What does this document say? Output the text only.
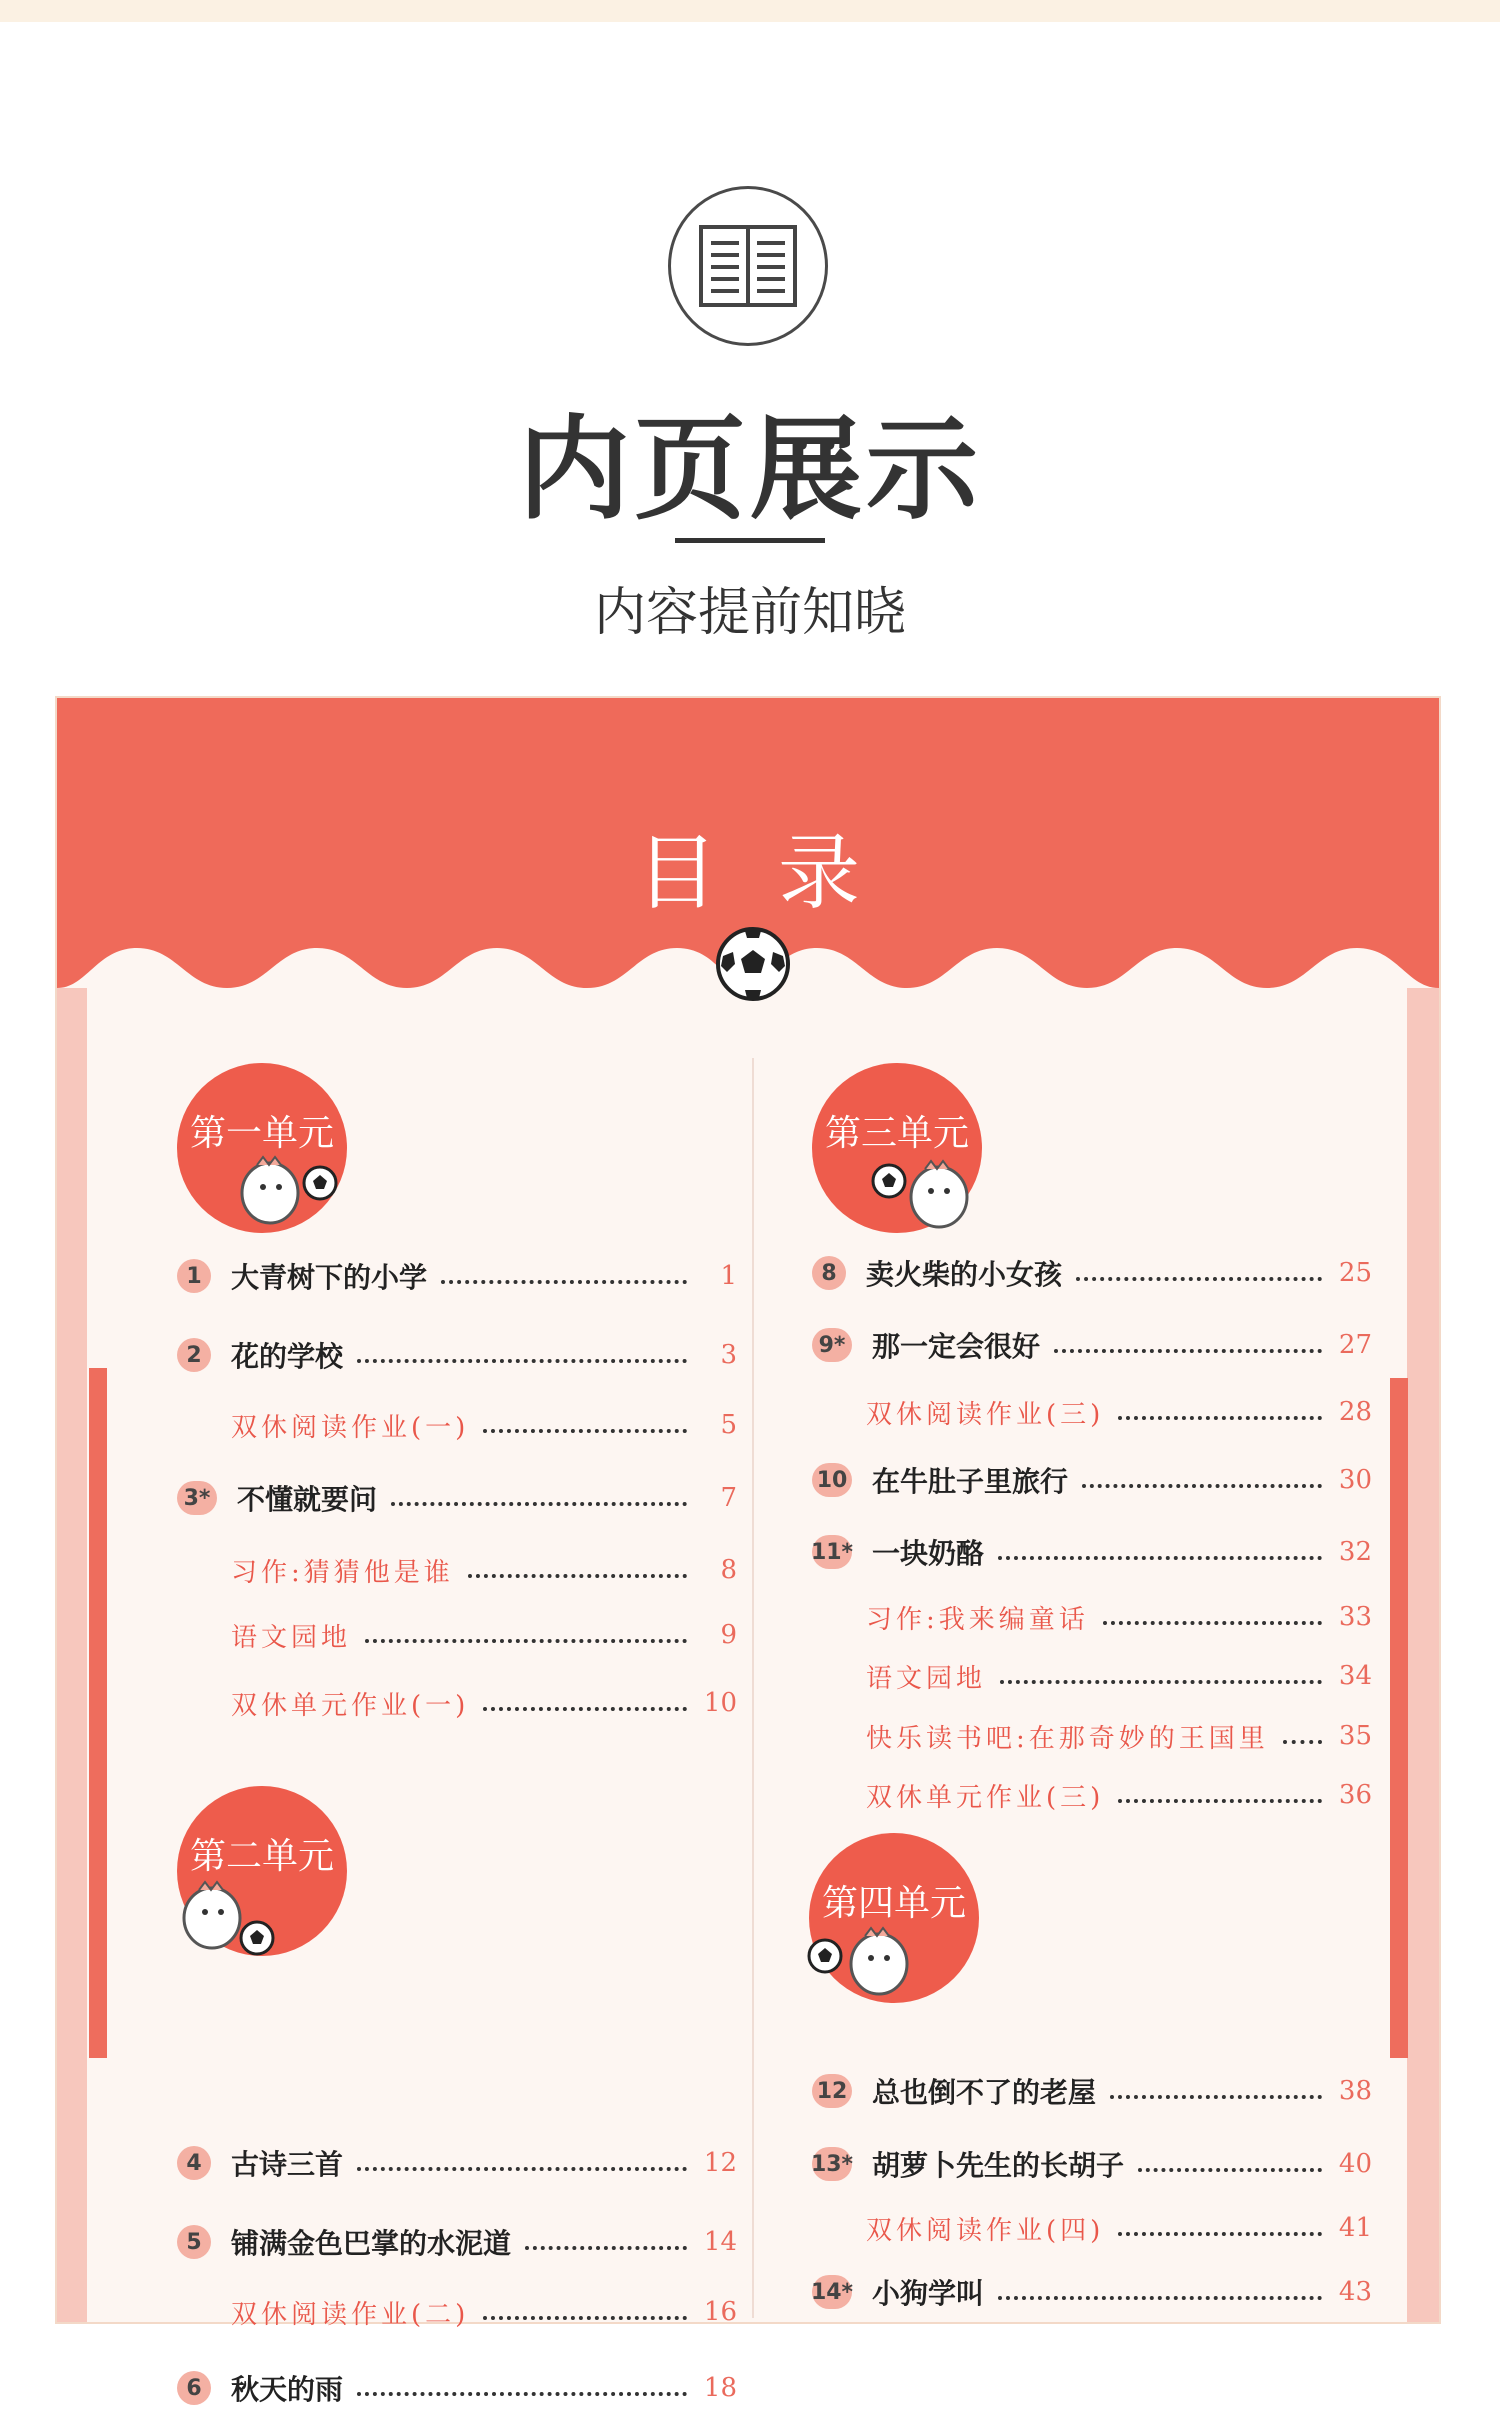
内页展示
内容提前知晓
目录
第一单元
第二单元
第三单元
第四单元
1	大青树下的小学	1
2	花的学校	3
双休阅读作业(一)	5
3* 不懂就要问	7
习作:猜猜他是谁	8
语文园地	9
双休单元作业(一)	10
4	古诗三首	12
5	铺满金色巴掌的水泥道	14
双休阅读作业(二)	16
6	秋天的雨	18
8	卖火柴的小女孩	25
9* 那一定会很好	27
双休阅读作业(三)	28
10 在牛肚子里旅行	30
11* 一块奶酪	32
习作:我来编童话	33
语文园地	34
快乐读书吧:在那奇妙的王国里	35
双休单元作业(三)	36
12 总也倒不了的老屋	38
13* 胡萝卜先生的长胡子	40
双休阅读作业(四)	41
14* 小狗学叫	43
